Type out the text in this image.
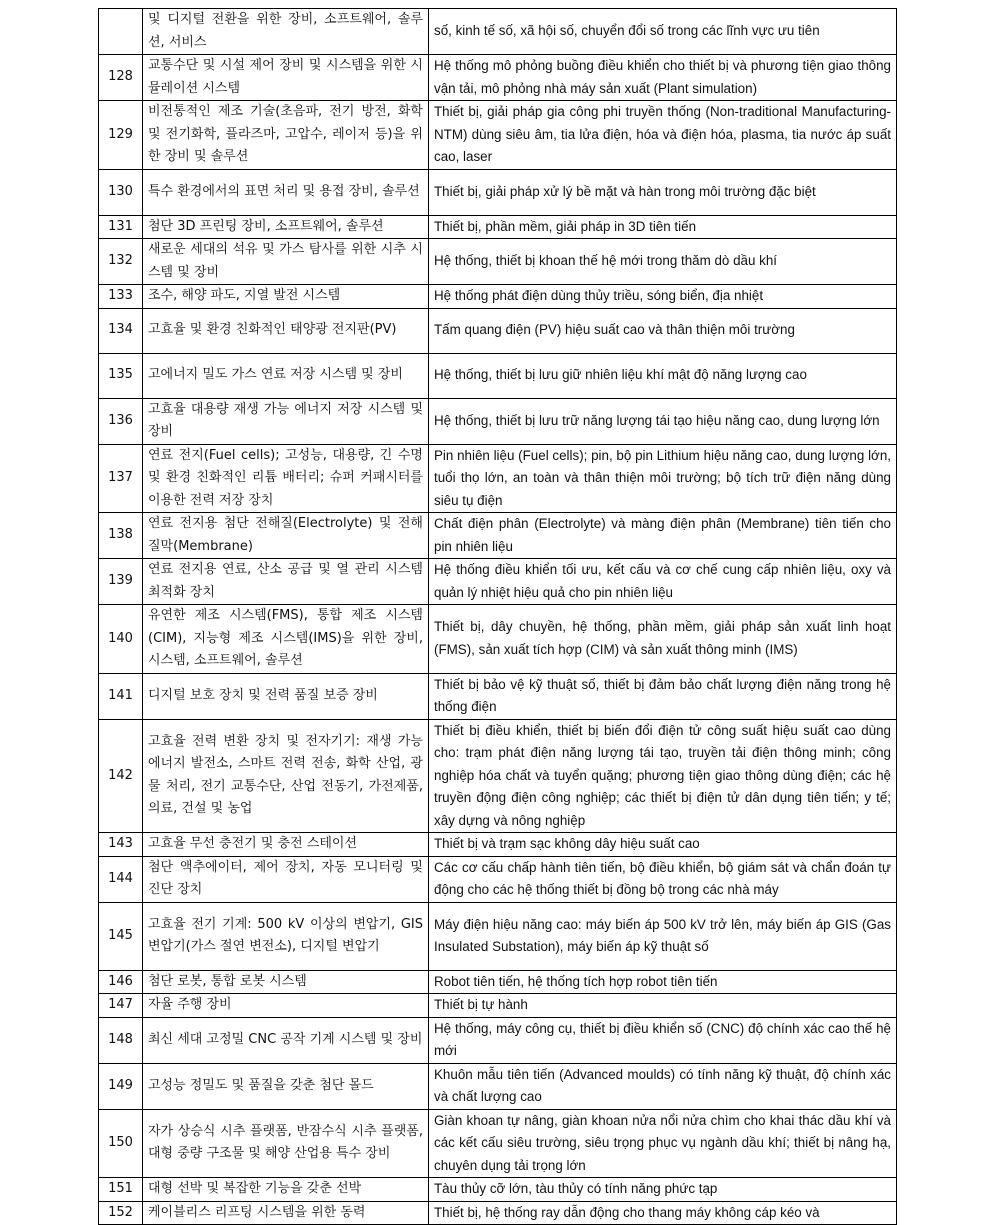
	및 디지털 전환을 위한 장비, 소프트웨어, 솔루션, 서비스	số, kinh tế số, xã hội số, chuyển đổi số trong các lĩnh vực ưu tiên
128	교통수단 및 시설 제어 장비 및 시스템을 위한 시뮬레이션 시스템	Hệ thống mô phỏng buồng điều khiển cho thiết bị và phương tiện giao thông vận tải, mô phỏng nhà máy sản xuất (Plant simulation)
129	비전통적인 제조 기술(초음파, 전기 방전, 화학 및 전기화학, 플라즈마, 고압수, 레이저 등)을 위한 장비 및 솔루션	Thiết bị, giải pháp gia công phi truyền thống (Non-traditional Manufacturing-NTM) dùng siêu âm, tia lửa điện, hóa và điện hóa, plasma, tia nước áp suất cao, laser
130	특수 환경에서의 표면 처리 및 용접 장비, 솔루션	Thiết bị, giải pháp xử lý bề mặt và hàn trong môi trường đặc biệt
131	첨단 3D 프린팅 장비, 소프트웨어, 솔루션	Thiết bị, phần mềm, giải pháp in 3D tiên tiến
132	새로운 세대의 석유 및 가스 탐사를 위한 시추 시스템 및 장비	Hệ thống, thiết bị khoan thế hệ mới trong thăm dò dầu khí
133	조수, 해양 파도, 지열 발전 시스템	Hệ thống phát điện dùng thủy triều, sóng biển, địa nhiệt
134	고효율 및 환경 친화적인 태양광 전지판(PV)	Tấm quang điện (PV) hiệu suất cao và thân thiện môi trường
135	고에너지 밀도 가스 연료 저장 시스템 및 장비	Hệ thống, thiết bị lưu giữ nhiên liệu khí mật độ năng lượng cao
136	고효율 대용량 재생 가능 에너지 저장 시스템 및 장비	Hệ thống, thiết bị lưu trữ năng lượng tái tạo hiệu năng cao, dung lượng lớn
137	연료 전지(Fuel cells); 고성능, 대용량, 긴 수명 및 환경 친화적인 리튬 배터리; 슈퍼 커패시터를 이용한 전력 저장 장치	Pin nhiên liệu (Fuel cells); pin, bộ pin Lithium hiệu năng cao, dung lượng lớn, tuổi thọ lớn, an toàn và thân thiện môi trường; bộ tích trữ điện năng dùng siêu tụ điện
138	연료 전지용 첨단 전해질(Electrolyte) 및 전해질막(Membrane)	Chất điện phân (Electrolyte) và màng điện phân (Membrane) tiên tiến cho pin nhiên liệu
139	연료 전지용 연료, 산소 공급 및 열 관리 시스템 최적화 장치	Hệ thống điều khiển tối ưu, kết cấu và cơ chế cung cấp nhiên liệu, oxy và quản lý nhiệt hiệu quả cho pin nhiên liệu
140	유연한 제조 시스템(FMS), 통합 제조 시스템(CIM), 지능형 제조 시스템(IMS)을 위한 장비, 시스템, 소프트웨어, 솔루션	Thiết bị, dây chuyền, hệ thống, phần mềm, giải pháp sản xuất linh hoạt (FMS), sản xuất tích hợp (CIM) và sản xuất thông minh (IMS)
141	디지털 보호 장치 및 전력 품질 보증 장비	Thiết bị bảo vệ kỹ thuật số, thiết bị đảm bảo chất lượng điện năng trong hệ thống điện
142	고효율 전력 변환 장치 및 전자기기: 재생 가능 에너지 발전소, 스마트 전력 전송, 화학 산업, 광물 처리, 전기 교통수단, 산업 전동기, 가전제품, 의료, 건설 및 농업	Thiết bị điều khiển, thiết bị biến đổi điện tử công suất hiệu suất cao dùng cho: trạm phát điện năng lượng tái tạo, truyền tải điện thông minh; công nghiệp hóa chất và tuyển quặng; phương tiện giao thông dùng điện; các hệ truyền động điện công nghiệp; các thiết bị điện tử dân dụng tiên tiến; y tế; xây dựng và nông nghiệp
143	고효율 무선 충전기 및 충전 스테이션	Thiết bị và trạm sạc không dây hiệu suất cao
144	첨단 액추에이터, 제어 장치, 자동 모니터링 및 진단 장치	Các cơ cấu chấp hành tiên tiến, bộ điều khiển, bộ giám sát và chẩn đoán tự động cho các hệ thống thiết bị đồng bộ trong các nhà máy
145	고효율 전기 기계: 500 kV 이상의 변압기, GIS 변압기(가스 절연 변전소), 디지털 변압기	Máy điện hiệu năng cao: máy biến áp 500 kV trở lên, máy biến áp GIS (Gas Insulated Substation), máy biến áp kỹ thuật số
146	첨단 로봇, 통합 로봇 시스템	Robot tiên tiến, hệ thống tích hợp robot tiên tiến
147	자율 주행 장비	Thiết bị tự hành
148	최신 세대 고정밀 CNC 공작 기계 시스템 및 장비	Hệ thống, máy công cụ, thiết bị điều khiển số (CNC) độ chính xác cao thế hệ mới
149	고성능 정밀도 및 품질을 갖춘 첨단 몰드	Khuôn mẫu tiên tiến (Advanced moulds) có tính năng kỹ thuật, độ chính xác và chất lượng cao
150	자가 상승식 시추 플랫폼, 반잠수식 시추 플랫폼, 대형 중량 구조물 및 해양 산업용 특수 장비	Giàn khoan tự nâng, giàn khoan nửa nổi nửa chìm cho khai thác dầu khí và các kết cấu siêu trường, siêu trọng phục vụ ngành dầu khí; thiết bị nâng hạ, chuyên dụng tải trọng lớn
151	대형 선박 및 복잡한 기능을 갖춘 선박	Tàu thủy cỡ lớn, tàu thủy có tính năng phức tạp
152	케이블리스 리프팅 시스템을 위한 동력	Thiết bị, hệ thống ray dẫn động cho thang máy không cáp kéo và
